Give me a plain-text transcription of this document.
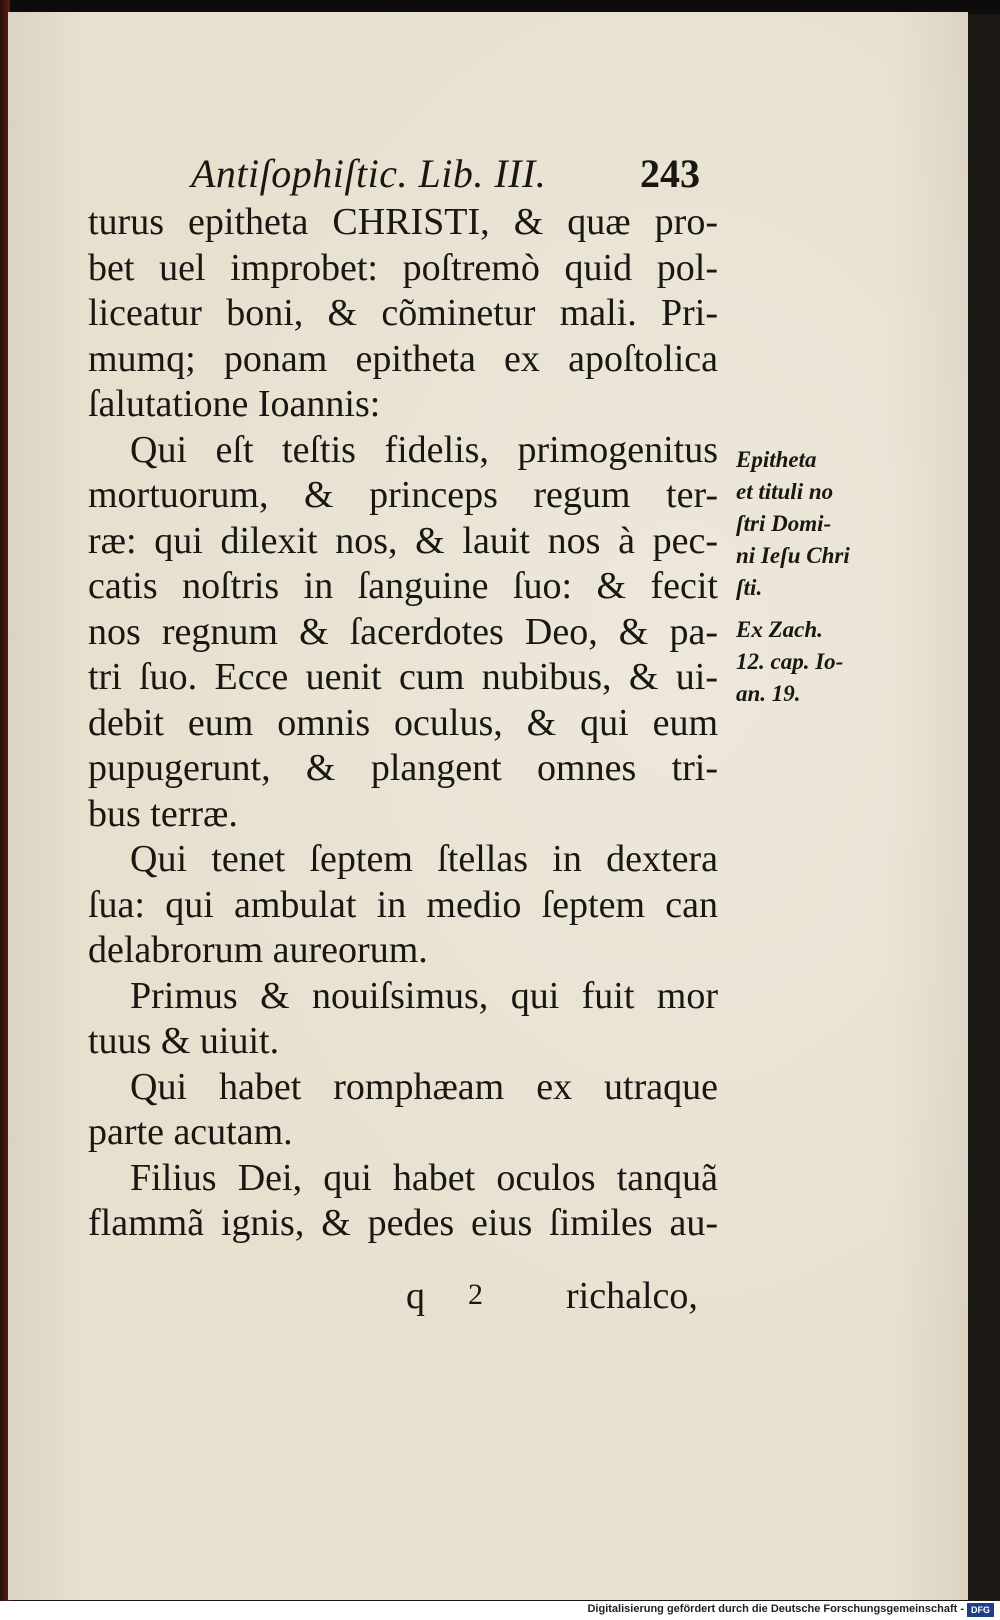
Antiſophiſtic. Lib. III. 243
turus epitheta CHRISTI, & quæ pro-
bet uel improbet: poſtremò quid pol-
liceatur boni, & cõminetur mali. Pri-
mumq; ponam epitheta ex apoſtolica
ſalutatione Ioannis:
Qui eſt teſtis fidelis, primogenitus
mortuorum, & princeps regum ter-
ræ: qui dilexit nos, & lauit nos à pec-
catis noſtris in ſanguine ſuo: & fecit
nos regnum & ſacerdotes Deo, & pa-
tri ſuo. Ecce uenit cum nubibus, & ui-
debit eum omnis oculus, & qui eum
pupugerunt, & plangent omnes tri-
bus terræ.
Qui tenet ſeptem ſtellas in dextera
ſua: qui ambulat in medio ſeptem can
delabrorum aureorum.
Primus & nouiſsimus, qui fuit mor
tuus & uiuit.
Qui habet romphæam ex utraque
parte acutam.
Filius Dei, qui habet oculos tanquã
flammã ignis, & pedes eius ſimiles au-
q 2 richalco,
Epitheta
et tituli no
ſtri Domi-
ni Ieſu Chri
ſti.
Ex Zach.
12. cap. Io-
an. 19.
Digitalisierung gefördert durch die Deutsche Forschungsgemeinschaft - DFG
